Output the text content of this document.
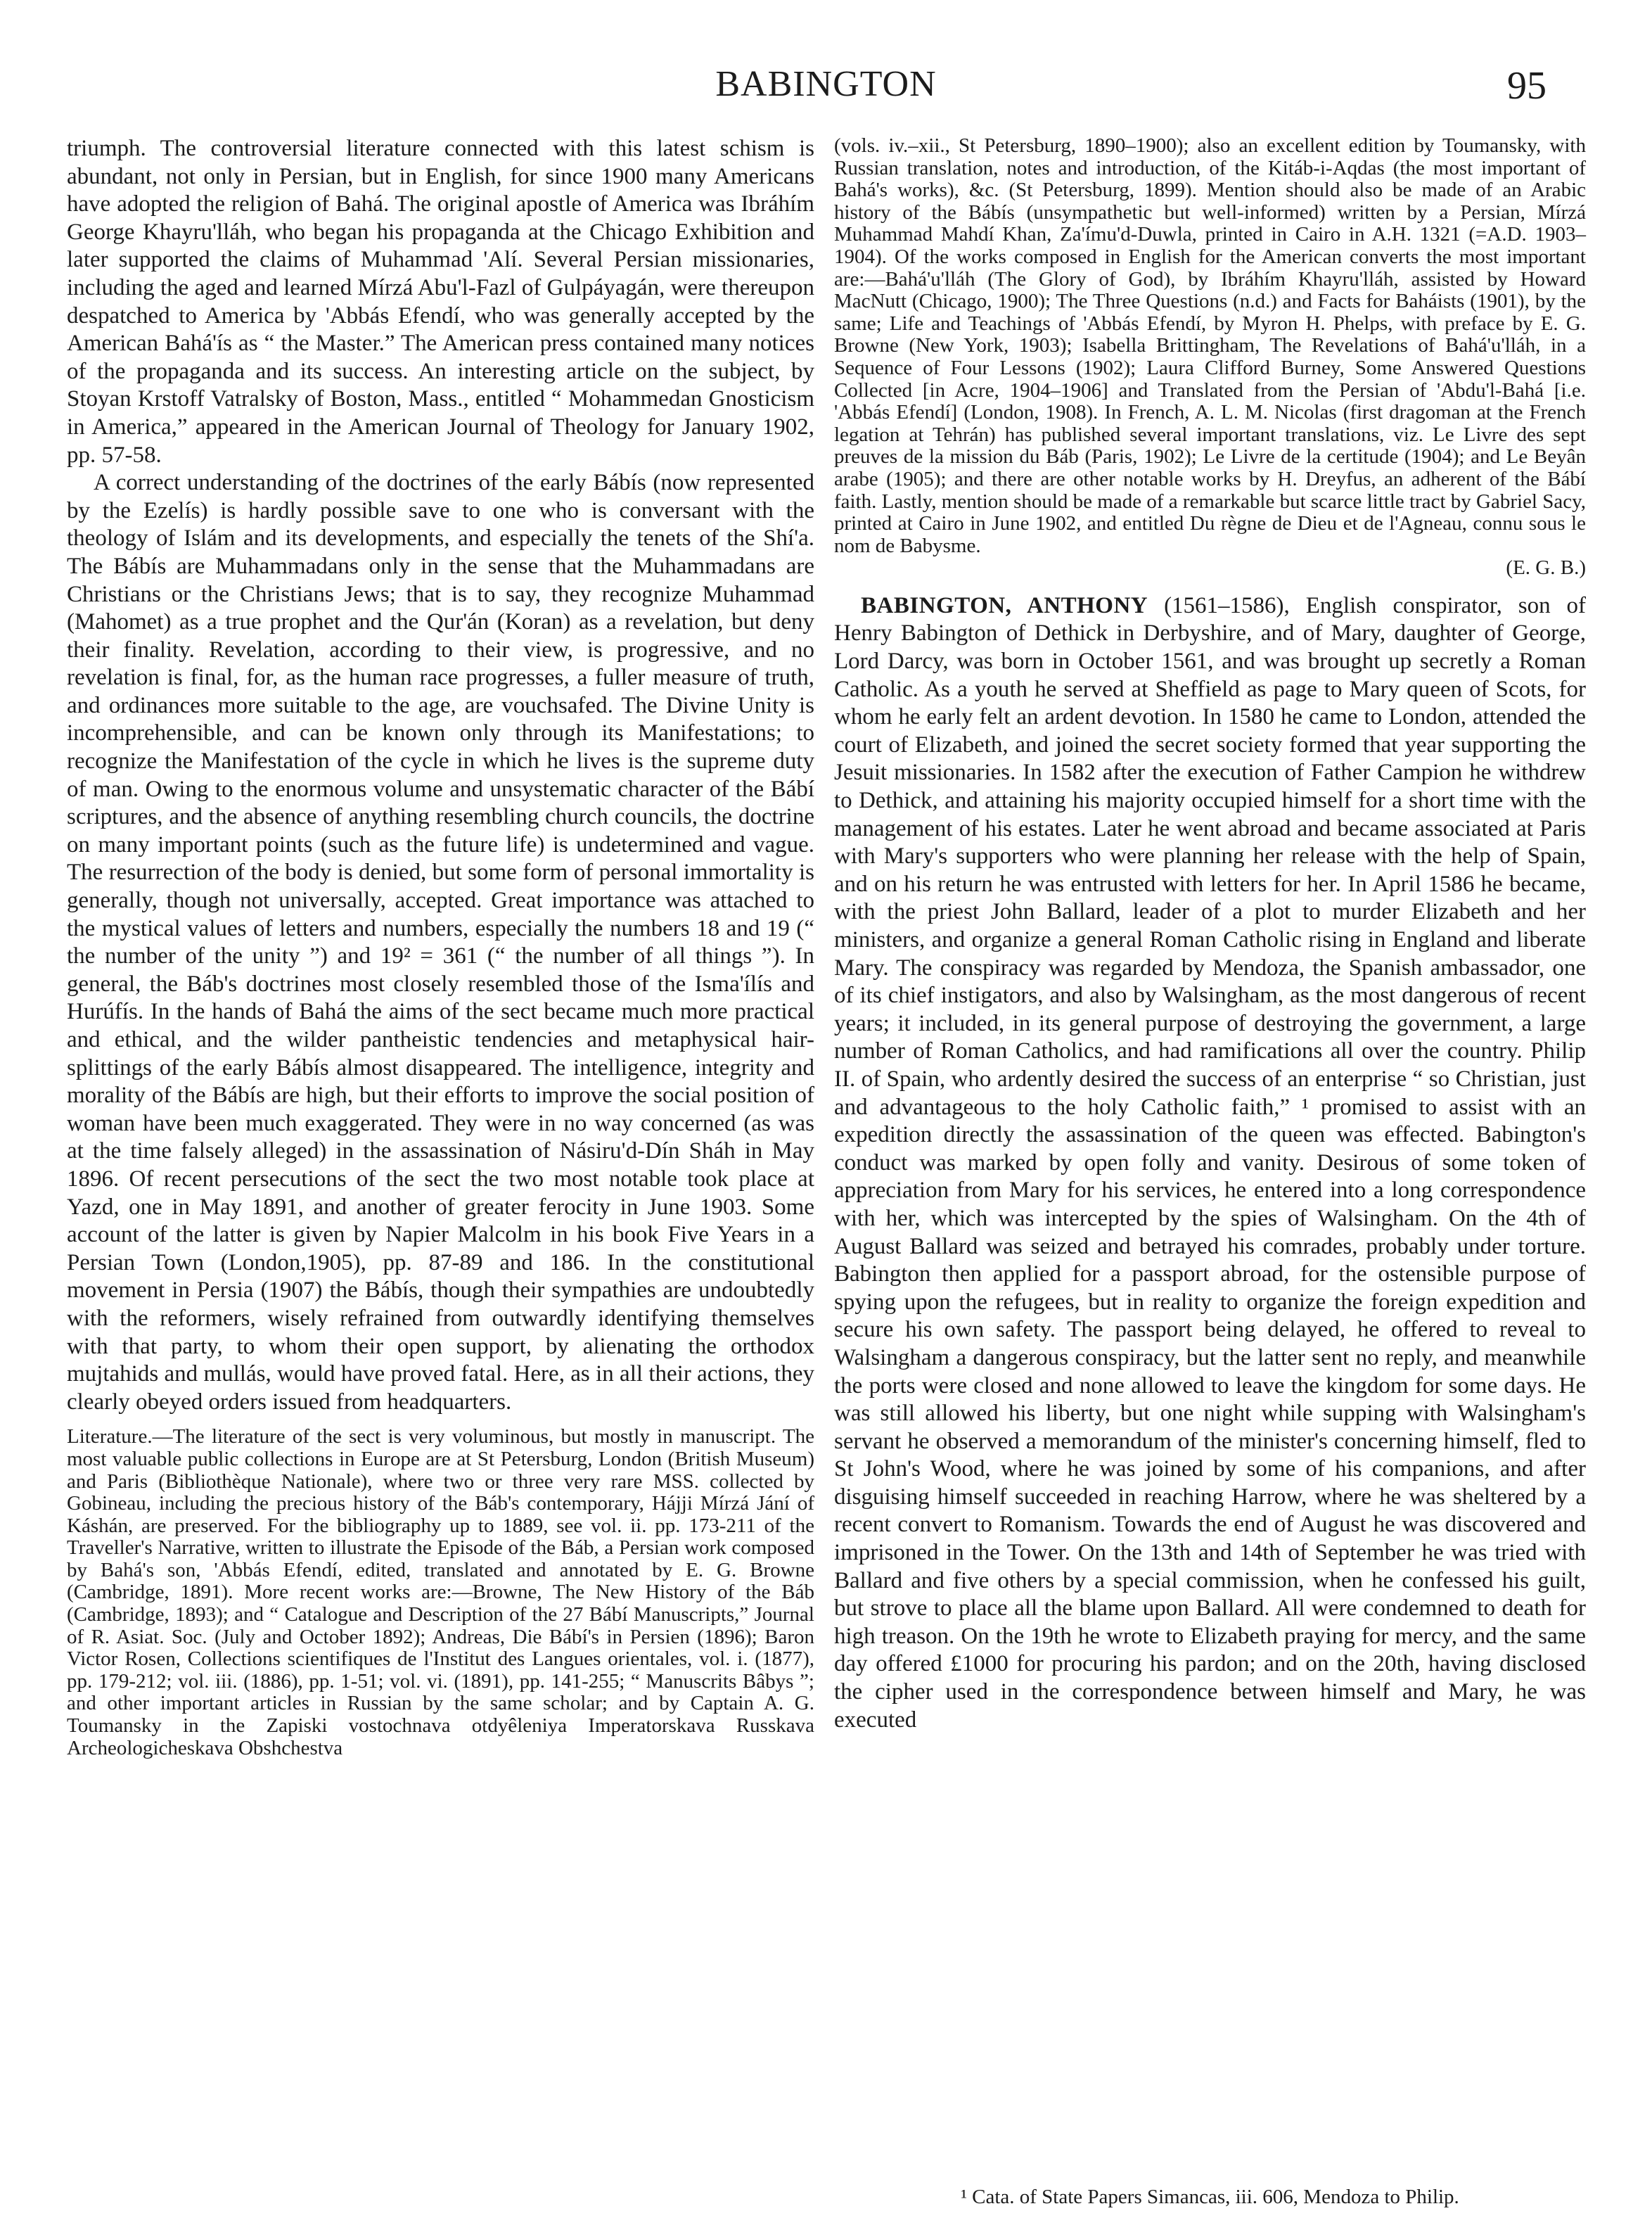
BABINGTON	95

triumph. The controversial literature connected with this latest schism is abundant, not only in Persian, but in English, for since 1900 many Americans have adopted the religion of Bahá. The original apostle of America was Ibráhím George Khayru'lláh, who began his propaganda at the Chicago Exhibition and later supported the claims of Muhammad 'Alí. Several Persian missionaries, including the aged and learned Mírzá Abu'l-Fazl of Gulpáyagán, were thereupon despatched to America by 'Abbás Efendí, who was generally accepted by the American Bahá'ís as “ the Master.” The American press contained many notices of the propaganda and its success. An interesting article on the subject, by Stoyan Krstoff Vatralsky of Boston, Mass., entitled “ Mohammedan Gnosticism in America,” appeared in the American Journal of Theology for January 1902, pp. 57-58.

A correct understanding of the doctrines of the early Bábís (now represented by the Ezelís) is hardly possible save to one who is conversant with the theology of Islám and its developments, and especially the tenets of the Shí'a. The Bábís are Muhammadans only in the sense that the Muhammadans are Christians or the Christians Jews; that is to say, they recognize Muhammad (Mahomet) as a true prophet and the Qur'án (Koran) as a revelation, but deny their finality. Revelation, according to their view, is progressive, and no revelation is final, for, as the human race progresses, a fuller measure of truth, and ordinances more suitable to the age, are vouchsafed. The Divine Unity is incomprehensible, and can be known only through its Manifestations; to recognize the Manifestation of the cycle in which he lives is the supreme duty of man. Owing to the enormous volume and unsystematic character of the Bábí scriptures, and the absence of anything resembling church councils, the doctrine on many important points (such as the future life) is undetermined and vague. The resurrection of the body is denied, but some form of personal immortality is generally, though not universally, accepted. Great importance was attached to the mystical values of letters and numbers, especially the numbers 18 and 19 (“ the number of the unity ”) and 19² = 361 (“ the number of all things ”). In general, the Báb's doctrines most closely resembled those of the Isma'ílís and Hurúfís. In the hands of Bahá the aims of the sect became much more practical and ethical, and the wilder pantheistic tendencies and metaphysical hair-splittings of the early Bábís almost disappeared. The intelligence, integrity and morality of the Bábís are high, but their efforts to improve the social position of woman have been much exaggerated. They were in no way concerned (as was at the time falsely alleged) in the assassination of Násiru'd-Dín Sháh in May 1896. Of recent persecutions of the sect the two most notable took place at Yazd, one in May 1891, and another of greater ferocity in June 1903. Some account of the latter is given by Napier Malcolm in his book Five Years in a Persian Town (London,1905), pp. 87-89 and 186. In the constitutional movement in Persia (1907) the Bábís, though their sympathies are undoubtedly with the reformers, wisely refrained from outwardly identifying themselves with that party, to whom their open support, by alienating the orthodox mujtahids and mullás, would have proved fatal. Here, as in all their actions, they clearly obeyed orders issued from headquarters.

Literature.—The literature of the sect is very voluminous, but mostly in manuscript. The most valuable public collections in Europe are at St Petersburg, London (British Museum) and Paris (Bibliothèque Nationale), where two or three very rare MSS. collected by Gobineau, including the precious history of the Báb's contemporary, Hájji Mírzá Jání of Káshán, are preserved. For the bibliography up to 1889, see vol. ii. pp. 173-211 of the Traveller's Narrative, written to illustrate the Episode of the Báb, a Persian work composed by Bahá's son, 'Abbás Efendí, edited, translated and annotated by E. G. Browne (Cambridge, 1891). More recent works are:—Browne, The New History of the Báb (Cambridge, 1893); and “ Catalogue and Description of the 27 Bábí Manuscripts,” Journal of R. Asiat. Soc. (July and October 1892); Andreas, Die Bábí's in Persien (1896); Baron Victor Rosen, Collections scientifiques de l'Institut des Langues orientales, vol. i. (1877), pp. 179-212; vol. iii. (1886), pp. 1-51; vol. vi. (1891), pp. 141-255; “ Manuscrits Bâbys ”; and other important articles in Russian by the same scholar; and by Captain A. G. Toumansky in the Zapiski vostochnava otdyêleniya Imperatorskava Russkava Archeologicheskava Obshchestva

(vols. iv.–xii., St Petersburg, 1890–1900); also an excellent edition by Toumansky, with Russian translation, notes and introduction, of the Kitáb-i-Aqdas (the most important of Bahá's works), &c. (St Petersburg, 1899). Mention should also be made of an Arabic history of the Bábís (unsympathetic but well-informed) written by a Persian, Mírzá Muhammad Mahdí Khan, Za'ímu'd-Duwla, printed in Cairo in A.H. 1321 (=A.D. 1903–1904). Of the works composed in English for the American converts the most important are:—Bahá'u'lláh (The Glory of God), by Ibráhím Khayru'lláh, assisted by Howard MacNutt (Chicago, 1900); The Three Questions (n.d.) and Facts for Baháists (1901), by the same; Life and Teachings of 'Abbás Efendí, by Myron H. Phelps, with preface by E. G. Browne (New York, 1903); Isabella Brittingham, The Revelations of Bahá'u'lláh, in a Sequence of Four Lessons (1902); Laura Clifford Burney, Some Answered Questions Collected [in Acre, 1904–1906] and Translated from the Persian of 'Abdu'l-Bahá [i.e. 'Abbás Efendí] (London, 1908). In French, A. L. M. Nicolas (first dragoman at the French legation at Tehrán) has published several important translations, viz. Le Livre des sept preuves de la mission du Báb (Paris, 1902); Le Livre de la certitude (1904); and Le Beyân arabe (1905); and there are other notable works by H. Dreyfus, an adherent of the Bábí faith. Lastly, mention should be made of a remarkable but scarce little tract by Gabriel Sacy, printed at Cairo in June 1902, and entitled Du règne de Dieu et de l'Agneau, connu sous le nom de Babysme.

(E. G. B.)

BABINGTON, ANTHONY (1561–1586), English conspirator, son of Henry Babington of Dethick in Derbyshire, and of Mary, daughter of George, Lord Darcy, was born in October 1561, and was brought up secretly a Roman Catholic. As a youth he served at Sheffield as page to Mary queen of Scots, for whom he early felt an ardent devotion. In 1580 he came to London, attended the court of Elizabeth, and joined the secret society formed that year supporting the Jesuit missionaries. In 1582 after the execution of Father Campion he withdrew to Dethick, and attaining his majority occupied himself for a short time with the management of his estates. Later he went abroad and became associated at Paris with Mary's supporters who were planning her release with the help of Spain, and on his return he was entrusted with letters for her. In April 1586 he became, with the priest John Ballard, leader of a plot to murder Elizabeth and her ministers, and organize a general Roman Catholic rising in England and liberate Mary. The conspiracy was regarded by Mendoza, the Spanish ambassador, one of its chief instigators, and also by Walsingham, as the most dangerous of recent years; it included, in its general purpose of destroying the government, a large number of Roman Catholics, and had ramifications all over the country. Philip II. of Spain, who ardently desired the success of an enterprise “ so Christian, just and advantageous to the holy Catholic faith,” ¹ promised to assist with an expedition directly the assassination of the queen was effected. Babington's conduct was marked by open folly and vanity. Desirous of some token of appreciation from Mary for his services, he entered into a long correspondence with her, which was intercepted by the spies of Walsingham. On the 4th of August Ballard was seized and betrayed his comrades, probably under torture. Babington then applied for a passport abroad, for the ostensible purpose of spying upon the refugees, but in reality to organize the foreign expedition and secure his own safety. The passport being delayed, he offered to reveal to Walsingham a dangerous conspiracy, but the latter sent no reply, and meanwhile the ports were closed and none allowed to leave the kingdom for some days. He was still allowed his liberty, but one night while supping with Walsingham's servant he observed a memorandum of the minister's concerning himself, fled to St John's Wood, where he was joined by some of his companions, and after disguising himself succeeded in reaching Harrow, where he was sheltered by a recent convert to Romanism. Towards the end of August he was discovered and imprisoned in the Tower. On the 13th and 14th of September he was tried with Ballard and five others by a special commission, when he confessed his guilt, but strove to place all the blame upon Ballard. All were condemned to death for high treason. On the 19th he wrote to Elizabeth praying for mercy, and the same day offered £1000 for procuring his pardon; and on the 20th, having disclosed the cipher used in the correspondence between himself and Mary, he was executed

¹ Cata. of State Papers Simancas, iii. 606, Mendoza to Philip.
